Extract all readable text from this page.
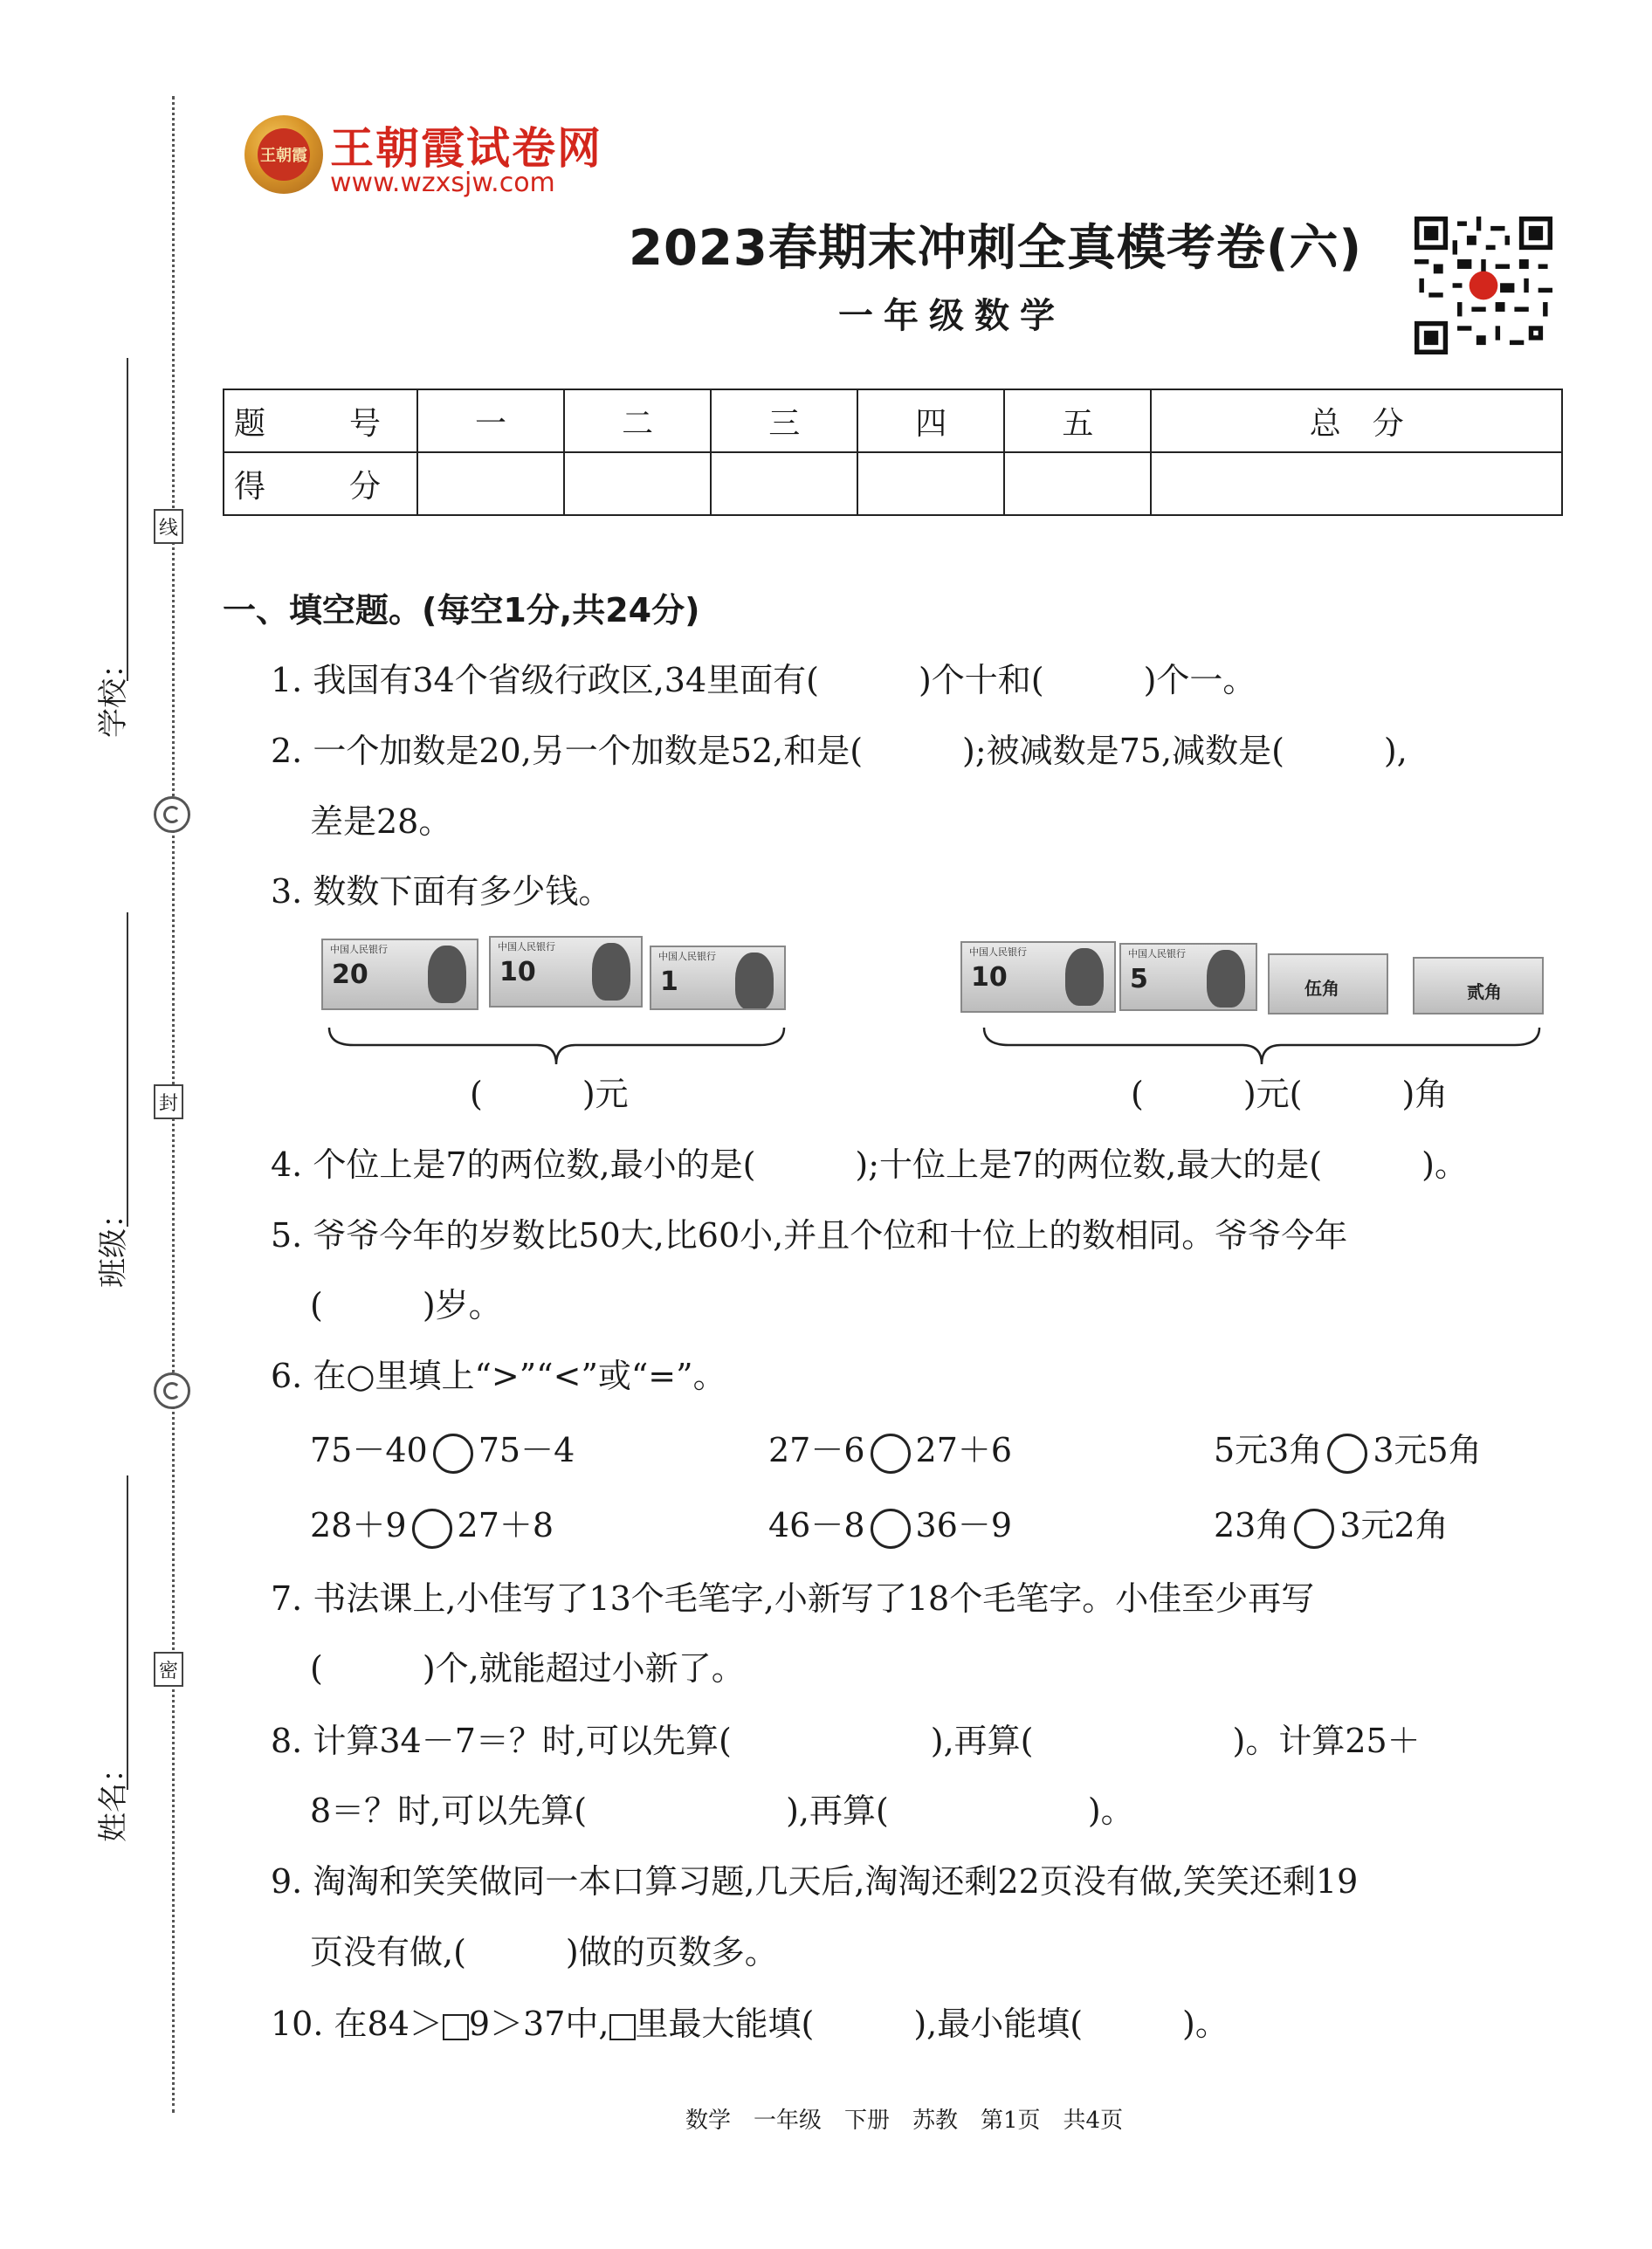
学校：
班级：
姓名：
线
封
密
王朝霞 王朝霞试卷网
www.wzxsjw.com
2023春期末冲刺全真模考卷(六)
一年级数学
题　号	一	二	三	四	五	总　分
得　分						
一、填空题。(每空1分,共24分)
1. 我国有34个省级行政区,34里面有(　　　)个十和(　　　)个一。
2. 一个加数是20,另一个加数是52,和是(　　　);被减数是75,减数是(　　　),
差是28。
3. 数数下面有多少钱。
中国人民银行
20
中国人民银行
10
中国人民银行
1
中国人民银行
10
中国人民银行
5	伍角	贰角
(　　　)元	(　　　)元(　　　)角
4. 个位上是7的两位数,最小的是(　　　);十位上是7的两位数,最大的是(　　　)。
5. 爷爷今年的岁数比50大,比60小,并且个位和十位上的数相同。爷爷今年
(　　　)岁。
6. 在○里填上“>”“<”或“=”。
75－40 75－4	27－6 27＋6	5元3角 3元5角
28＋9 27＋8	46－8 36－9	23角 3元2角
7. 书法课上,小佳写了13个毛笔字,小新写了18个毛笔字。小佳至少再写
(　　　)个,就能超过小新了。
8. 计算34－7＝？时,可以先算(　　　　　　),再算(　　　　　　)。计算25＋
8＝？时,可以先算(　　　　　　),再算(　　　　　　)。
9. 淘淘和笑笑做同一本口算习题,几天后,淘淘还剩22页没有做,笑笑还剩19
页没有做,(　　　)做的页数多。
10. 在84＞ 9＞37中, 里最大能填(　　　),最小能填(　　　)。
数学　一年级　下册　苏教　第1页　共4页
